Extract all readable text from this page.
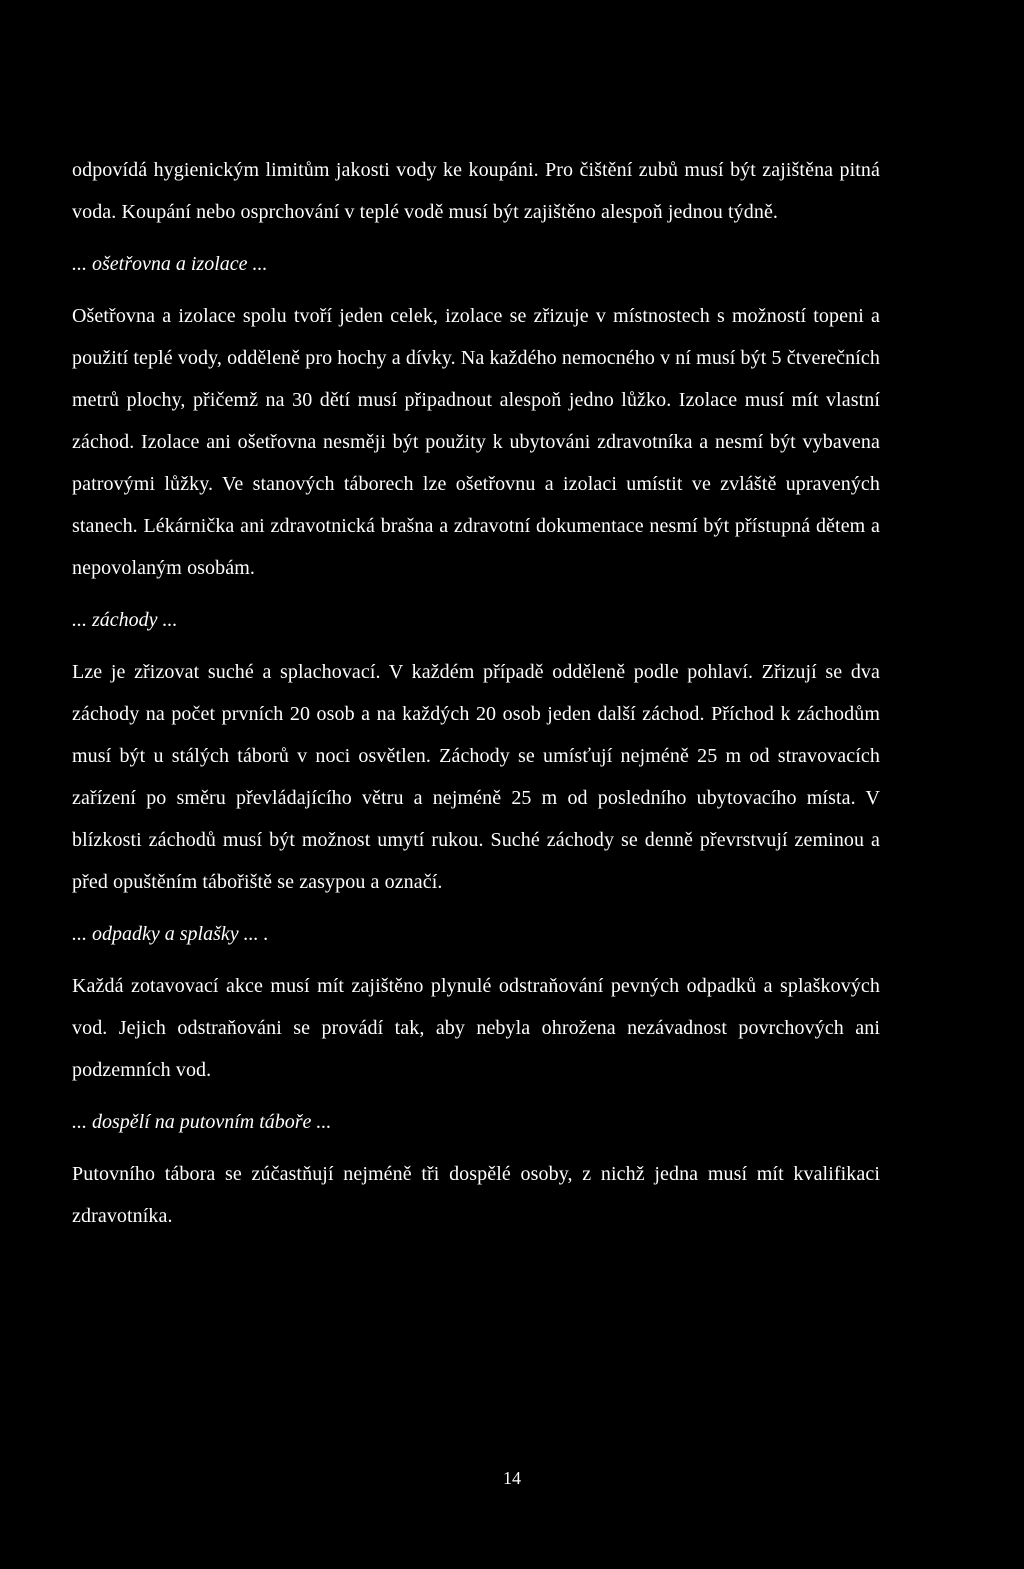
odpovídá hygienickým limitům jakosti vody ke koupáni. Pro čištění zubů musí být zajištěna pitná voda. Koupání nebo osprchování v teplé vodě musí být zajištěno alespoň jednou týdně.

... ošetřovna a izolace ...

Ošetřovna a izolace spolu tvoří jeden celek, izolace se zřizuje v místnostech s možností topeni a použití teplé vody, odděleně pro hochy a dívky. Na každého nemocného v ní musí být 5 čtverečních metrů plochy, přičemž na 30 dětí musí připadnout alespoň jedno lůžko. Izolace musí mít vlastní záchod. Izolace ani ošetřovna nesměji být použity k ubytováni zdravotníka a nesmí být vybavena patrovými lůžky. Ve stanových táborech lze ošetřovnu a izolaci umístit ve zvláště upravených stanech. Lékárnička ani zdravotnická brašna a zdravotní dokumentace nesmí být přístupná dětem a nepovolaným osobám.

... záchody ...

Lze je zřizovat suché a splachovací. V každém případě odděleně podle pohlaví. Zřizují se dva záchody na počet prvních 20 osob a na každých 20 osob jeden další záchod. Příchod k záchodům musí být u stálých táborů v noci osvětlen. Záchody se umísťují nejméně 25 m od stravovacích zařízení po směru převládajícího větru a nejméně 25 m od posledního ubytovacího místa. V blízkosti záchodů musí být možnost umytí rukou. Suché záchody se denně převrstvují zeminou a před opuštěním tábořiště se zasypou a označí.

... odpadky a splašky ... .

Každá zotavovací akce musí mít zajištěno plynulé odstraňování pevných odpadků a splaškových vod. Jejich odstraňováni se provádí tak, aby nebyla ohrožena nezávadnost povrchových ani podzemních vod.

... dospělí na putovním táboře ...

Putovního tábora se zúčastňují nejméně tři dospělé osoby, z nichž jedna musí mít kvalifikaci zdravotníka.

14
